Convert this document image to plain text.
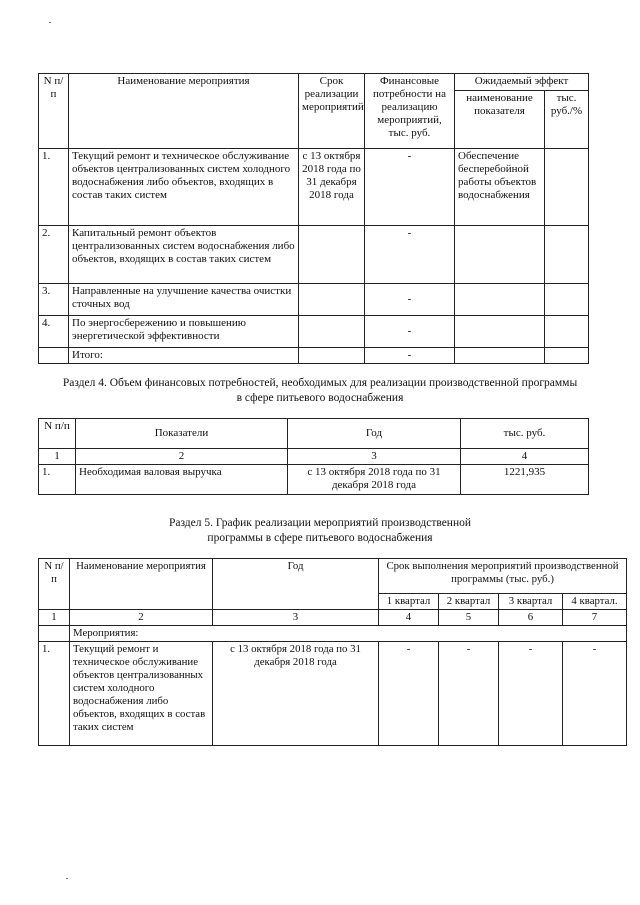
N п/п	Наименование мероприятия	Срок реализации мероприятий	Финансовые потребности на реализацию мероприятий, тыс. руб.	Ожидаемый эффект	
				наименование показателя	тыс. руб./%
1.	Текущий ремонт и техническое обслуживание объектов централизованных систем холодного водоснабжения либо объектов, входящих в состав таких систем	с 13 октября 2018 года по 31 декабря 2018 года	-	Обеспечение бесперебойной работы объектов водоснабжения	
2.	Капитальный ремонт объектов централизованных систем водоснабжения либо объектов, входящих в состав таких систем		-		
3.	Направленные на улучшение качества очистки сточных вод		-		
4.	По энергосбережению и повышению энергетической эффективности		-		
	Итого:		-		
Раздел 4. Объем финансовых потребностей, необходимых для реализации производственной программы в сфере питьевого водоснабжения
N п/п	Показатели	Год	тыс. руб.
1	2	3	4
1.	Необходимая валовая выручка	с 13 октября 2018 года по 31 декабря 2018 года	1221,935
Раздел 5. График реализации мероприятий производственной программы в сфере питьевого водоснабжения
N п/ п	Наименование мероприятия	Год	Срок выполнения мероприятий производственной программы (тыс. руб.)			
			1 квартал	2 квартал	3 квартал	4 квартал.
1	2	3	4	5	6	7
	Мероприятия:					
1.	Текущий ремонт и техническое обслуживание объектов централизованных систем холодного водоснабжения либо объектов, входящих в состав таких систем	с 13 октября 2018 года по 31 декабря 2018 года	-	-	-	-
